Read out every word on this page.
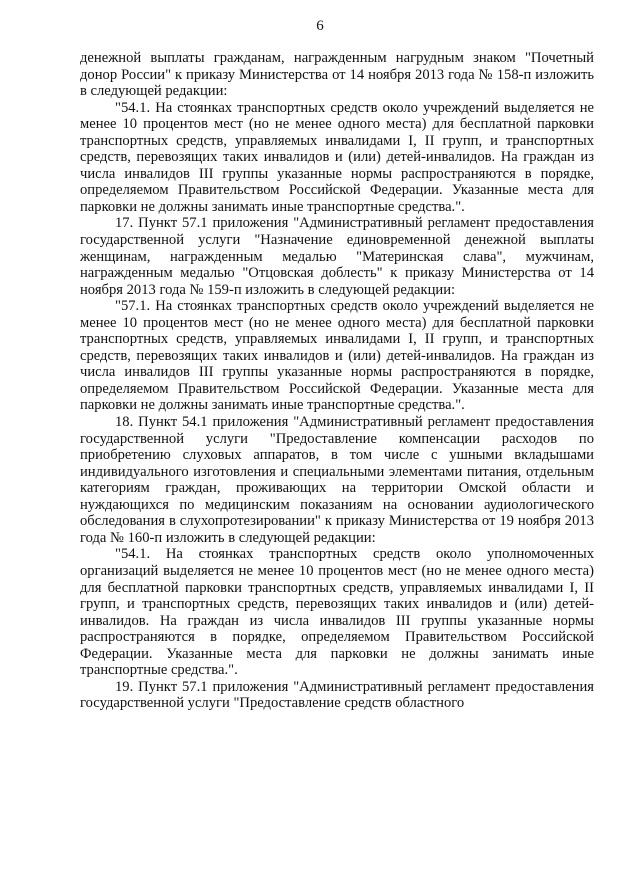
6

денежной выплаты гражданам, награжденным нагрудным знаком "Почетный донор России" к приказу Министерства от 14 ноября 2013 года № 158-п изложить в следующей редакции:

"54.1. На стоянках транспортных средств около учреждений выделяется не менее 10 процентов мест (но не менее одного места) для бесплатной парковки транспортных средств, управляемых инвалидами I, II групп, и транспортных средств, перевозящих таких инвалидов и (или) детей-инвалидов. На граждан из числа инвалидов III группы указанные нормы распространяются в порядке, определяемом Правительством Российской Федерации. Указанные места для парковки не должны занимать иные транспортные средства.".

17. Пункт 57.1 приложения "Административный регламент предоставления государственной услуги "Назначение единовременной денежной выплаты женщинам, награжденным медалью "Материнская слава", мужчинам, награжденным медалью "Отцовская доблесть" к приказу Министерства от 14 ноября 2013 года № 159-п изложить в следующей редакции:

"57.1. На стоянках транспортных средств около учреждений выделяется не менее 10 процентов мест (но не менее одного места) для бесплатной парковки транспортных средств, управляемых инвалидами I, II групп, и транспортных средств, перевозящих таких инвалидов и (или) детей-инвалидов. На граждан из числа инвалидов III группы указанные нормы распространяются в порядке, определяемом Правительством Российской Федерации. Указанные места для парковки не должны занимать иные транспортные средства.".

18. Пункт 54.1 приложения "Административный регламент предоставления государственной услуги "Предоставление компенсации расходов по приобретению слуховых аппаратов, в том числе с ушными вкладышами индивидуального изготовления и специальными элементами питания, отдельным категориям граждан, проживающих на территории Омской области и нуждающихся по медицинским показаниям на основании аудиологического обследования в слухопротезировании" к приказу Министерства от 19 ноября 2013 года № 160-п изложить в следующей редакции:

"54.1. На стоянках транспортных средств около уполномоченных организаций выделяется не менее 10 процентов мест (но не менее одного места) для бесплатной парковки транспортных средств, управляемых инвалидами I, II групп, и транспортных средств, перевозящих таких инвалидов и (или) детей-инвалидов. На граждан из числа инвалидов III группы указанные нормы распространяются в порядке, определяемом Правительством Российской Федерации. Указанные места для парковки не должны занимать иные транспортные средства.".

19. Пункт 57.1 приложения "Административный регламент предоставления государственной услуги "Предоставление средств областного
